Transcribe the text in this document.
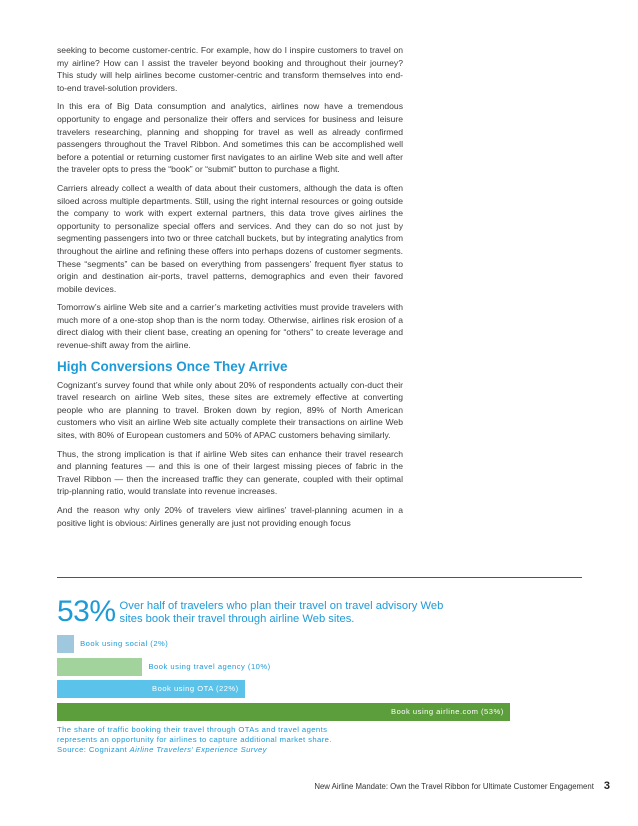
seeking to become customer-centric. For example, how do I inspire customers to travel on my airline? How can I assist the traveler beyond booking and throughout their journey? This study will help airlines become customer-centric and transform themselves into end-to-end travel-solution providers.

In this era of Big Data consumption and analytics, airlines now have a tremendous opportunity to engage and personalize their offers and services for business and leisure travelers researching, planning and shopping for travel as well as already confirmed passengers throughout the Travel Ribbon. And sometimes this can be accomplished well before a potential or returning customer first navigates to an airline Web site and well after the traveler opts to press the “book” or “submit” button to purchase a flight.

Carriers already collect a wealth of data about their customers, although the data is often siloed across multiple departments. Still, using the right internal resources or going outside the company to work with expert external partners, this data trove gives airlines the opportunity to personalize special offers and services. And they can do so not just by segmenting passengers into two or three catchall buckets, but by integrating analytics from throughout the airline and refining these offers into perhaps dozens of customer segments. These “segments” can be based on everything from passengers’ frequent flyer status to origin and destination air-ports, travel patterns, demographics and even their favored mobile devices.

Tomorrow’s airline Web site and a carrier’s marketing activities must provide travelers with much more of a one-stop shop than is the norm today. Otherwise, airlines risk erosion of a direct dialog with their client base, creating an opening for “others” to create leverage and revenue-shift away from the airline.

High Conversions Once They Arrive

Cognizant’s survey found that while only about 20% of respondents actually con-duct their travel research on airline Web sites, these sites are extremely effective at converting people who are planning to travel. Broken down by region, 89% of North American customers who visit an airline Web site actually complete their transactions on airline Web sites, with 80% of European customers and 50% of APAC customers behaving similarly.

Thus, the strong implication is that if airline Web sites can enhance their travel research and planning features — and this is one of their largest missing pieces of fabric in the Travel Ribbon — then the increased traffic they can generate, coupled with their optimal trip-planning ratio, would translate into revenue increases.

And the reason why only 20% of travelers view airlines’ travel-planning acumen in a positive light is obvious: Airlines generally are just not providing enough focus

53% Over half of travelers who plan their travel on travel advisory Web sites book their travel through airline Web sites.
Book using social (2%)
Book using travel agency (10%)
Book using OTA (22%)
Book using airline.com (53%)
The share of traffic booking their travel through OTAs and travel agents
represents an opportunity for airlines to capture additional market share.
Source: Cognizant Airline Travelers’ Experience Survey
New Airline Mandate: Own the Travel Ribbon for Ultimate Customer Engagement 3
